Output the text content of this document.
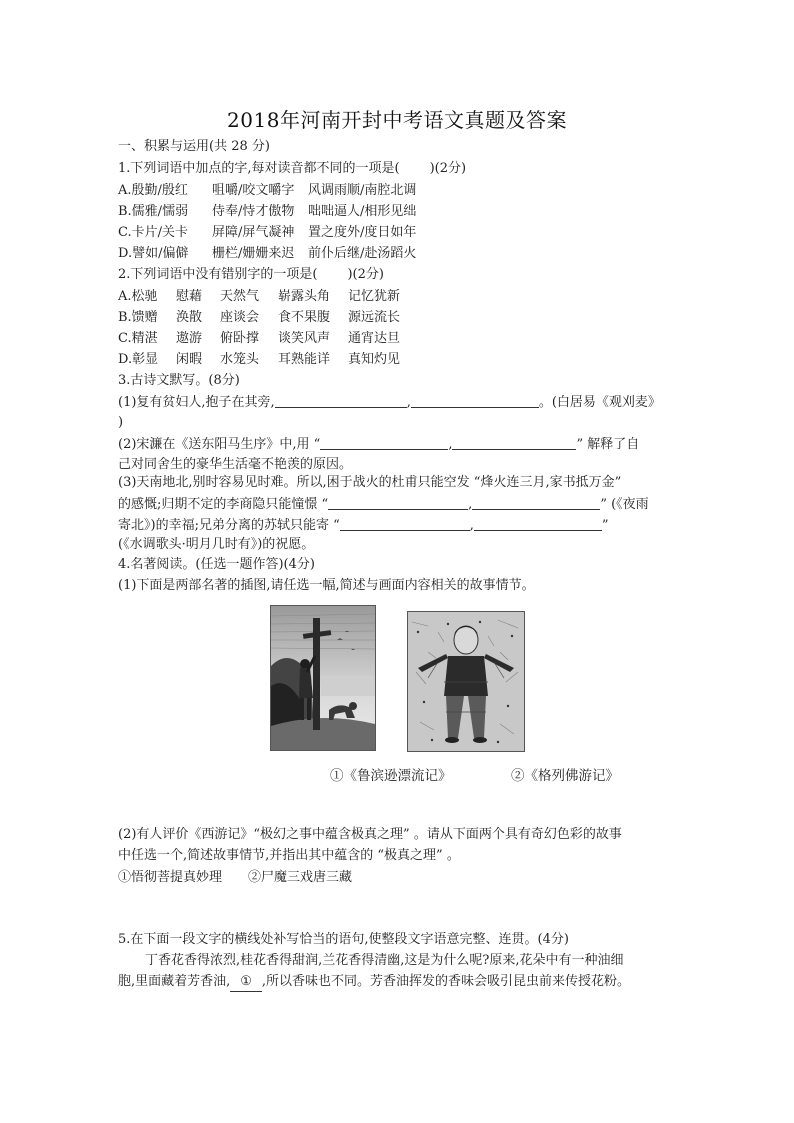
2018年河南开封中考语文真题及答案
一、积累与运用(共 28 分)
1.下列词语中加点的字,每对读音都不同的一项是( )(2分)
A.殷勤/殷红 咀嚼/咬文嚼字 风调雨顺/南腔北调
B.儒雅/懦弱 侍奉/恃才傲物 咄咄逼人/相形见绌
C.卡片/关卡 屏障/屏气凝神 置之度外/度日如年
D.譬如/偏僻 栅栏/姗姗来迟 前仆后继/赴汤蹈火
2.下列词语中没有错别字的一项是( )(2分)
A.松驰 慰藉 天然气 崭露头角 记忆犹新
B.馈赠 涣散 座谈会 食不果腹 源远流长
C.精湛 遨游 俯卧撑 谈笑风声 通宵达旦
D.彰显 闲暇 水笼头 耳熟能详 真知灼见
3.古诗文默写。(8分)
(1)复有贫妇人,抱子在其旁,	,	。(白居易《观刈麦》
)
(2)宋濂在《送东阳马生序》中,用 “	,	” 解释了自
己对同舍生的豪华生活毫不艳羡的原因。
(3)天南地北,别时容易见时难。所以,困于战火的杜甫只能空发 “烽火连三月,家书抵万金”
的感慨;归期不定的李商隐只能憧憬 “	,	” (《夜雨
寄北》)的幸福;兄弟分离的苏轼只能寄 “	,	”
(《水调歌头·明月几时有》)的祝愿。
4.名著阅读。(任选一题作答)(4分)
(1)下面是两部名著的插图,请任选一幅,简述与画面内容相关的故事情节。
①《鲁滨逊漂流记》	②《格列佛游记》
(2)有人评价《西游记》“极幻之事中蕴含极真之理” 。请从下面两个具有奇幻色彩的故事
中任选一个,简述故事情节,并指出其中蕴含的 “极真之理” 。
①悟彻菩提真妙理 ②尸魔三戏唐三藏
5.在下面一段文字的横线处补写恰当的语句,使整段文字语意完整、连贯。(4分)
丁香花香得浓烈,桂花香得甜润,兰花香得清幽,这是为什么呢?原来,花朵中有一种油细
胞,里面藏着芳香油, ① ,所以香味也不同。芳香油挥发的香味会吸引昆虫前来传授花粉。
